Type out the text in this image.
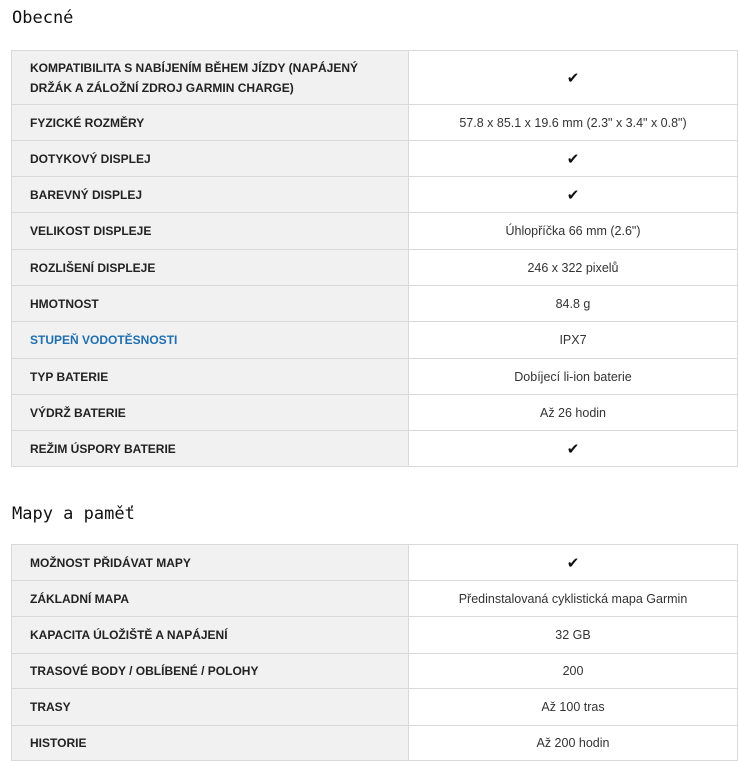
Obecné
KOMPATIBILITA S NABÍJENÍM BĚHEM JÍZDY (NAPÁJENÝ DRŽÁK A ZÁLOŽNÍ ZDROJ GARMIN CHARGE)	✔
FYZICKÉ ROZMĚRY	57.8 x 85.1 x 19.6 mm (2.3" x 3.4" x 0.8")
DOTYKOVÝ DISPLEJ	✔
BAREVNÝ DISPLEJ	✔
VELIKOST DISPLEJE	Úhlopříčka 66 mm (2.6")
ROZLIŠENÍ DISPLEJE	246 x 322 pixelů
HMOTNOST	84.8 g
STUPEŇ VODOTĚSNOSTI	IPX7
TYP BATERIE	Dobíjecí li-ion baterie
VÝDRŽ BATERIE	Až 26 hodin
REŽIM ÚSPORY BATERIE	✔
Mapy a paměť
MOŽNOST PŘIDÁVAT MAPY	✔
ZÁKLADNÍ MAPA	Předinstalovaná cyklistická mapa Garmin
KAPACITA ÚLOŽIŠTĚ A NAPÁJENÍ	32 GB
TRASOVÉ BODY / OBLÍBENÉ / POLOHY	200
TRASY	Až 100 tras
HISTORIE	Až 200 hodin
